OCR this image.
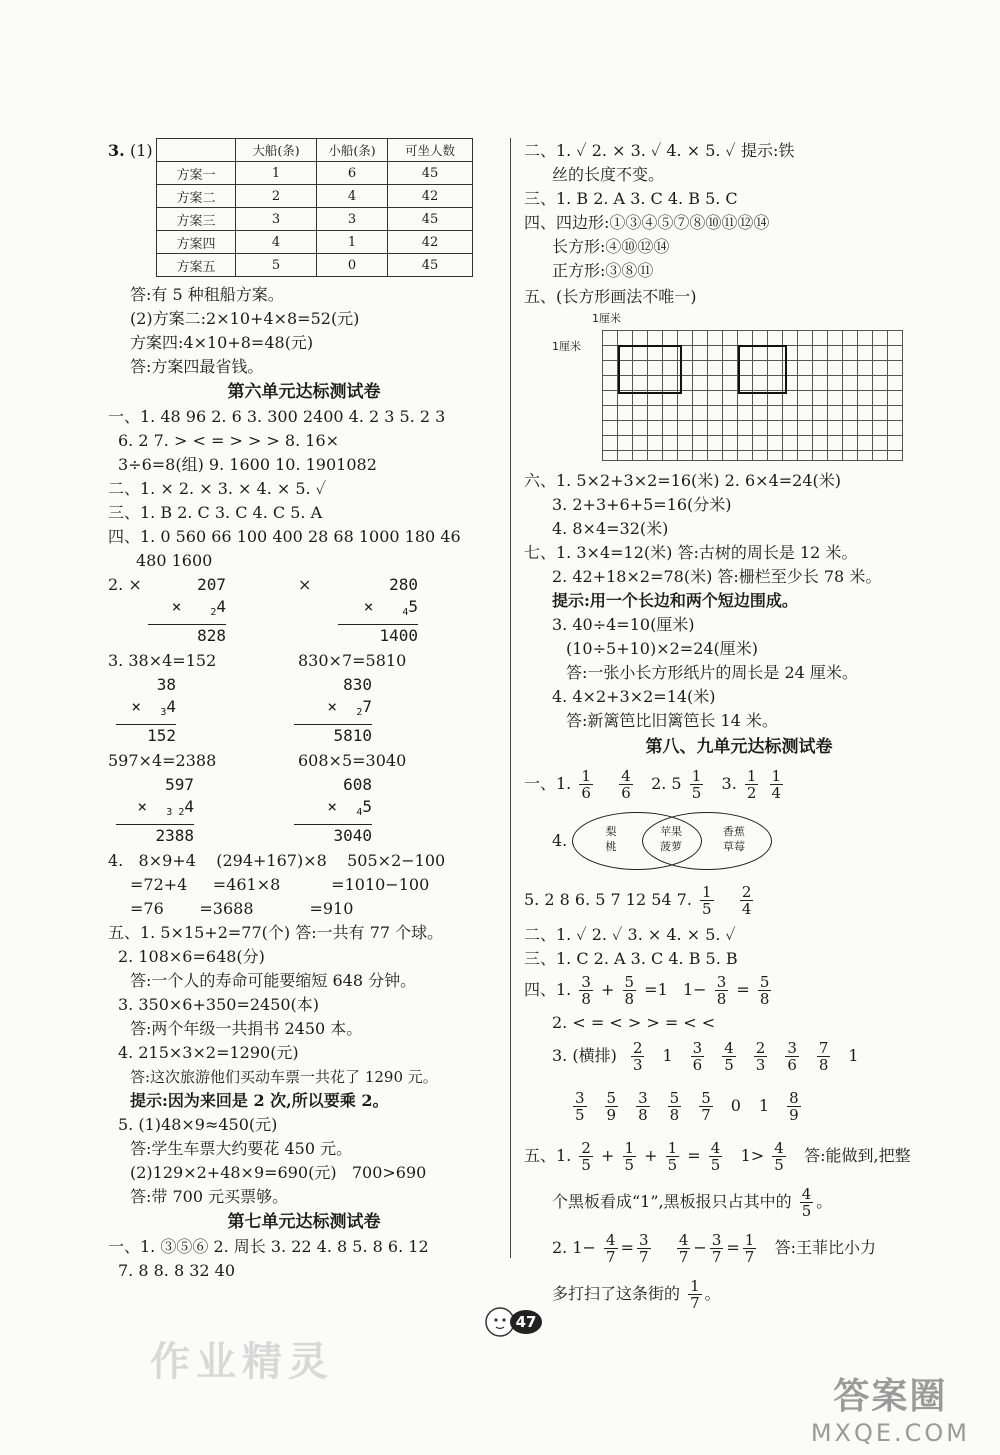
3. (1)
		大船(条)	小船(条)	可坐人数
方案一	1	6	45
方案二	2	4	42
方案三	3	3	45
方案四	4	1	42
方案五	5	0	45
答:有 5 种租船方案。
(2)方案二:2×10+4×8=52(元)
方案四:4×10+8=48(元)
答:方案四最省钱。
第六单元达标测试卷
一、1. 48 96 2. 6 3. 300 2400 4. 2 3 5. 2 3
6. 2 7. > < = > > > 8. 16×
3÷6=8(组) 9. 1600 10. 1901082
二、1. × 2. × 3. × 4. × 5. ✓
三、1. B 2. C 3. C 4. C 5. A
四、1. 0 560 66 100 400 28 68 1000 180 46
480 1600
2. ×	×
207
×	24
828
280
×	45
1400
3. 38×4=152	830×7=5810
38
× 34
152
830
× 27
5810
597×4=2388	608×5=3040
597
× 3 24
2388
608
× 45
3040
4.   8×9+4    (294+167)×8    505×2−100
=72+4     =461×8          =1010−100
=76       =3688           =910
五、1. 5×15+2=77(个) 答:一共有 77 个球。
2. 108×6=648(分)
答:一个人的寿命可能要缩短 648 分钟。
3. 350×6+350=2450(本)
答:两个年级一共捐书 2450 本。
4. 215×3×2=1290(元)
答:这次旅游他们买动车票一共花了 1290 元。
提示:因为来回是 2 次,所以要乘 2。
5. (1)48×9≈450(元)
答:学生车票大约要花 450 元。
(2)129×2+48×9=690(元)   700>690
答:带 700 元买票够。
第七单元达标测试卷
一、1. ③⑤⑥ 2. 周长 3. 22 4. 8 5. 8 6. 12
7. 8 8. 8 32 40
二、1. ✓ 2. × 3. ✓ 4. × 5. ✓ 提示:铁
丝的长度不变。
三、1. B 2. A 3. C 4. B 5. C
四、四边形:①③④⑤⑦⑧⑩⑪⑫⑭
长方形:④⑩⑫⑭
正方形:③⑧⑪
五、(长方形画法不唯一)
1厘米
1厘米
六、1. 5×2+3×2=16(米) 2. 6×4=24(米)
3. 2+3+6+5=16(分米)
4. 8×4=32(米)
七、1. 3×4=12(米) 答:古树的周长是 12 米。
2. 42+18×2=78(米) 答:栅栏至少长 78 米。
提示:用一个长边和两个短边围成。
3. 40÷4=10(厘米)
(10÷5+10)×2=24(厘米)
答:一张小长方形纸片的周长是 24 厘米。
4. 4×2+3×2=14(米)
答:新篱笆比旧篱笆长 14 米。
第八、九单元达标测试卷
一、1. $\frac{1}{6}$
$\frac{4}{6} 2$. $5 \frac{1}{5} 3$. $\frac{1}{2}$
$\frac{1}{4}$
4.	梨
桃
苹果
菠萝
香蕉
草莓
5. 2 8 6. 5 7 12 54 7. $\frac{1}{5}$
$\frac{2}{4}$
二、1. ✓ 2. ✓ 3. × 4. × 5. ✓
三、1. C 2. A 3. C 4. B 5. B
四、1. $\frac{3}{8} + \frac{5}{8} =1$   $1- \frac{3}{8} = \frac{5}{8}$
2. < = < > > = < <
3. (横排) $\frac{2}{3} 1 \frac{3}{6} \frac{4}{5} \frac{2}{3} \frac{3}{6} \frac{7}{8} 1$
$\frac{3}{5} \frac{5}{9} \frac{3}{8} \frac{5}{8} \frac{5}{7} 0$ $1 \frac{8}{9}$
五、1. $\frac{2}{5} + \frac{1}{5} + \frac{1}{5} = \frac{4}{5} 1> \frac{4}{5}$ 答:能做到,把整
个黑板看成“1”,黑板报只占其中的 $\frac{4}{5}$ 。
2. $1- \frac{4}{7} = \frac{3}{7}$
$\frac{4}{7} - \frac{3}{7} = \frac{1}{7}$ 答:王菲比小力
多打扫了这条街的 $\frac{1}{7}$ 。
47
作业精灵
答案圈
MXQE.COM
